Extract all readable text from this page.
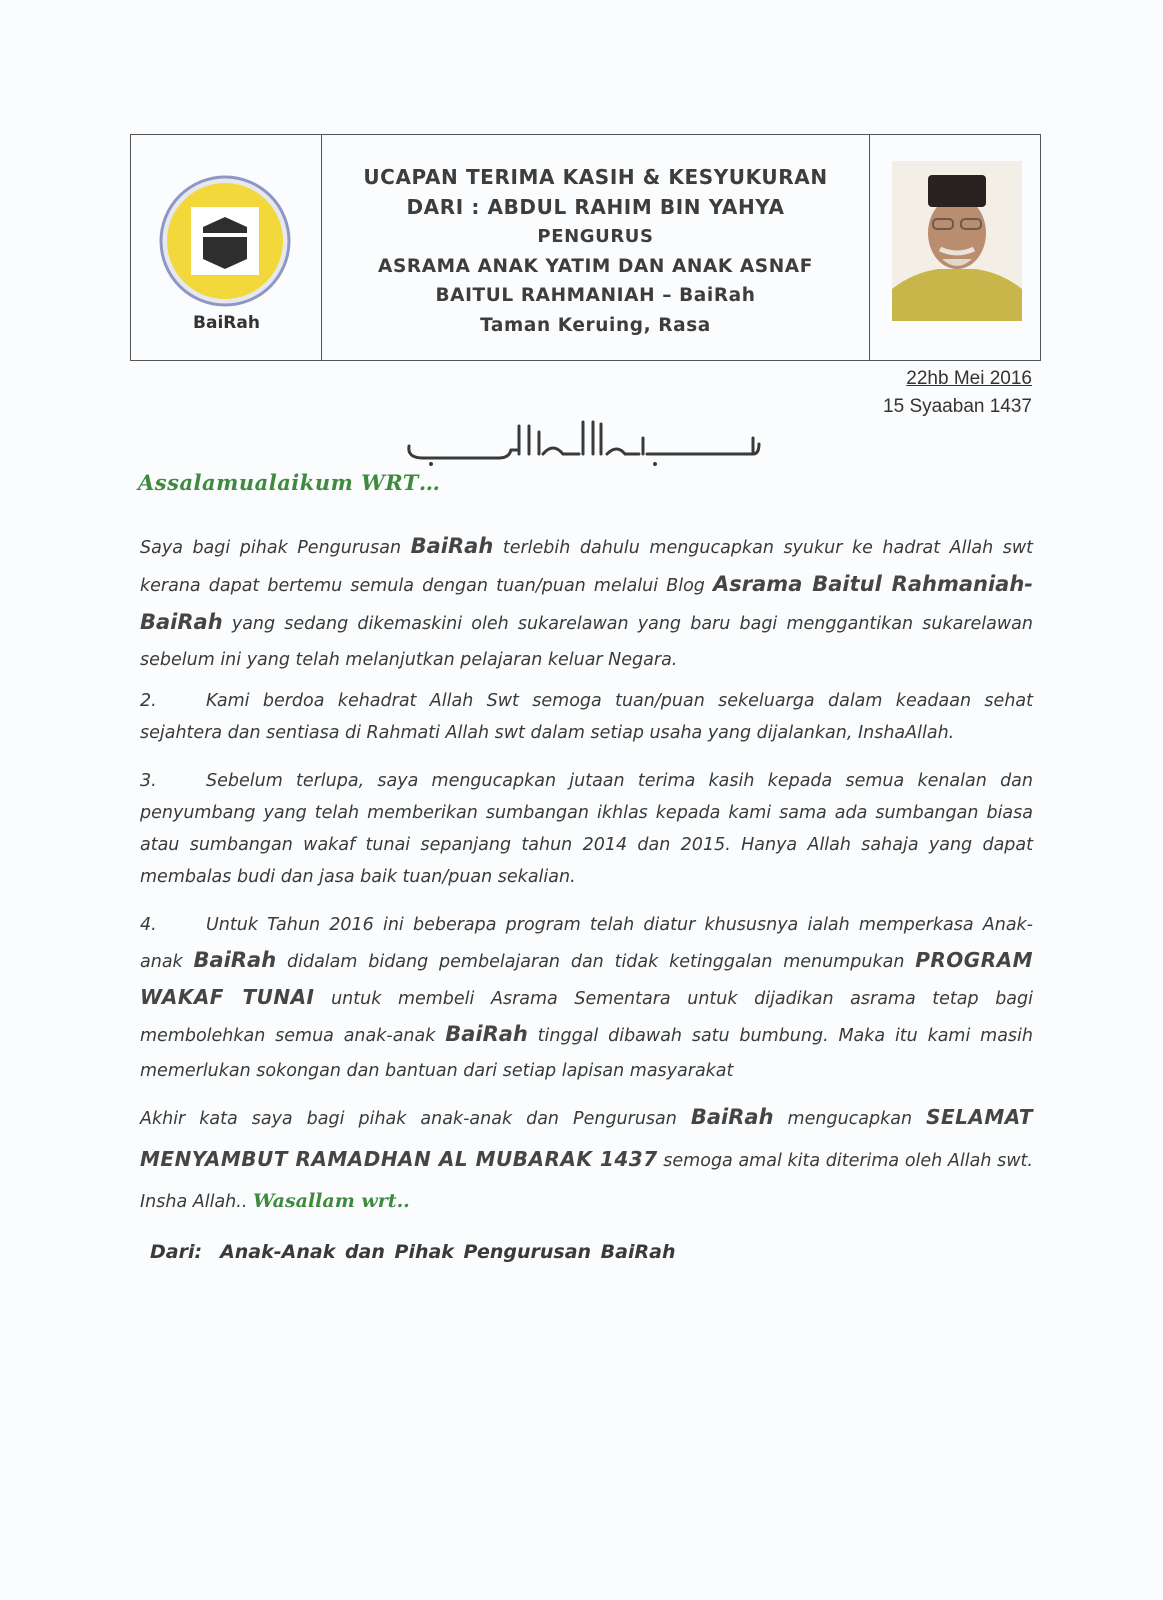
BaiRah
UCAPAN TERIMA KASIH & KESYUKURAN
DARI : ABDUL RAHIM BIN YAHYA
PENGURUS
ASRAMA ANAK YATIM DAN ANAK ASNAF
BAITUL RAHMANIAH – BaiRah
Taman Keruing, Rasa
22hb Mei 2016
15 Syaaban 1437
Assalamualaikum WRT…
Saya bagi pihak Pengurusan BaiRah terlebih dahulu mengucapkan syukur ke hadrat Allah swt kerana dapat bertemu semula dengan tuan/puan melalui Blog Asrama Baitul Rahmaniah-BaiRah yang sedang dikemaskini oleh sukarelawan yang baru bagi menggantikan sukarelawan sebelum ini yang telah melanjutkan pelajaran keluar Negara.
2.	Kami berdoa kehadrat Allah Swt semoga tuan/puan sekeluarga dalam keadaan sehat sejahtera dan sentiasa di Rahmati Allah swt dalam setiap usaha yang dijalankan, InshaAllah.
3.	Sebelum terlupa, saya mengucapkan jutaan terima kasih kepada semua kenalan dan penyumbang yang telah memberikan sumbangan ikhlas kepada kami sama ada sumbangan biasa atau sumbangan wakaf tunai sepanjang tahun 2014 dan 2015. Hanya Allah sahaja yang dapat membalas budi dan jasa baik tuan/puan sekalian.
4.	Untuk Tahun 2016 ini beberapa program telah diatur khususnya ialah memperkasa Anak-anak BaiRah didalam bidang pembelajaran dan tidak ketinggalan menumpukan PROGRAM WAKAF TUNAI untuk membeli Asrama Sementara untuk dijadikan asrama tetap bagi membolehkan semua anak-anak BaiRah tinggal dibawah satu bumbung. Maka itu kami masih memerlukan sokongan dan bantuan dari setiap lapisan masyarakat
Akhir kata saya bagi pihak anak-anak dan Pengurusan BaiRah mengucapkan SELAMAT MENYAMBUT RAMADHAN AL MUBARAK 1437 semoga amal kita diterima oleh Allah swt. Insha Allah.. Wasallam wrt..
Dari: Anak-Anak dan Pihak Pengurusan BaiRah
